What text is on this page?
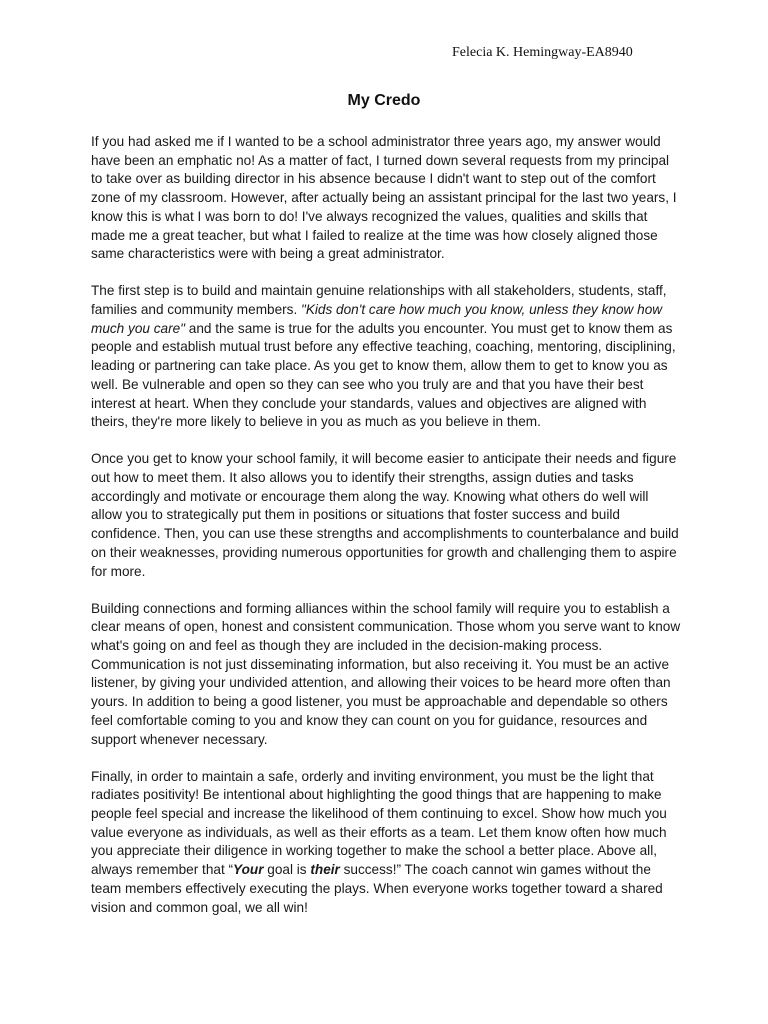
Felecia K. Hemingway-EA8940
My Credo

If you had asked me if I wanted to be a school administrator three years ago, my answer would have been an emphatic no! As a matter of fact, I turned down several requests from my principal to take over as building director in his absence because I didn't want to step out of the comfort zone of my classroom. However, after actually being an assistant principal for the last two years, I know this is what I was born to do! I've always recognized the values, qualities and skills that made me a great teacher, but what I failed to realize at the time was how closely aligned those same characteristics were with being a great administrator.

The first step is to build and maintain genuine relationships with all stakeholders, students, staff, families and community members. "Kids don't care how much you know, unless they know how much you care" and the same is true for the adults you encounter. You must get to know them as people and establish mutual trust before any effective teaching, coaching, mentoring, disciplining, leading or partnering can take place. As you get to know them, allow them to get to know you as well. Be vulnerable and open so they can see who you truly are and that you have their best interest at heart. When they conclude your standards, values and objectives are aligned with theirs, they're more likely to believe in you as much as you believe in them.

Once you get to know your school family, it will become easier to anticipate their needs and figure out how to meet them. It also allows you to identify their strengths, assign duties and tasks accordingly and motivate or encourage them along the way. Knowing what others do well will allow you to strategically put them in positions or situations that foster success and build confidence. Then, you can use these strengths and accomplishments to counterbalance and build on their weaknesses, providing numerous opportunities for growth and challenging them to aspire for more.

Building connections and forming alliances within the school family will require you to establish a clear means of open, honest and consistent communication. Those whom you serve want to know what's going on and feel as though they are included in the decision-making process. Communication is not just disseminating information, but also receiving it. You must be an active listener, by giving your undivided attention, and allowing their voices to be heard more often than yours. In addition to being a good listener, you must be approachable and dependable so others feel comfortable coming to you and know they can count on you for guidance, resources and support whenever necessary.

Finally, in order to maintain a safe, orderly and inviting environment, you must be the light that radiates positivity! Be intentional about highlighting the good things that are happening to make people feel special and increase the likelihood of them continuing to excel. Show how much you value everyone as individuals, as well as their efforts as a team. Let them know often how much you appreciate their diligence in working together to make the school a better place. Above all, always remember that “Your goal is their success!” The coach cannot win games without the team members effectively executing the plays. When everyone works together toward a shared vision and common goal, we all win!
